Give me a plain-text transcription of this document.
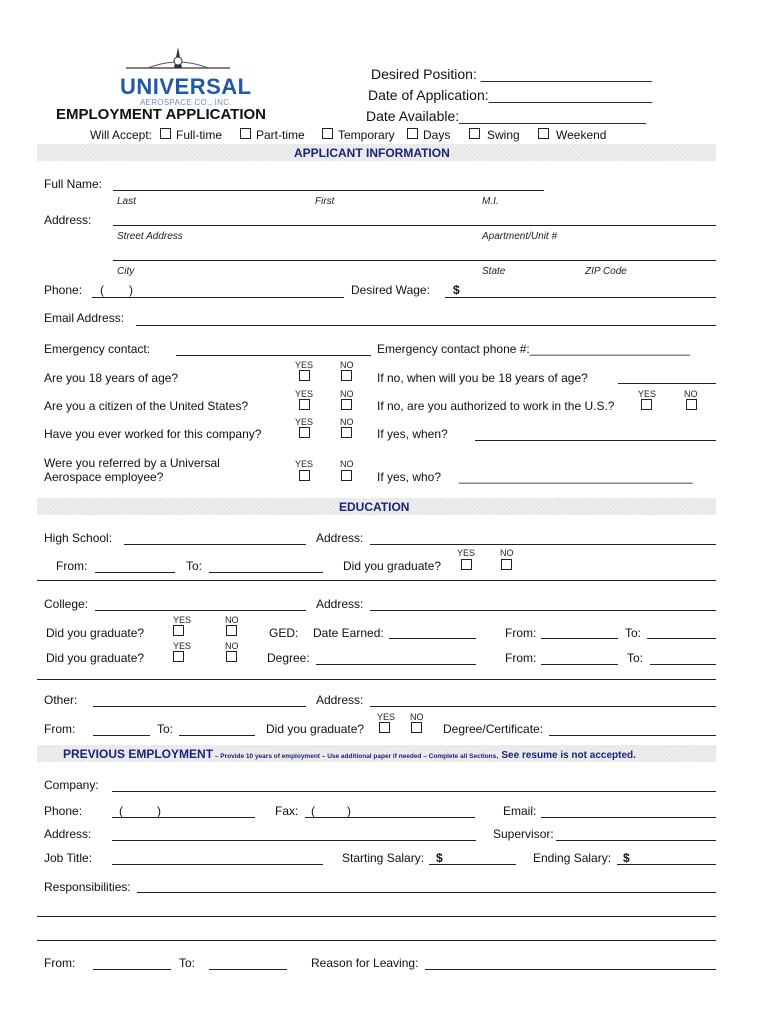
UNIVERSAL
AEROSPACE CO., INC.
EMPLOYMENT APPLICATION
Desired Position: ______________________
Date of Application:_____________________
Date Available:________________________
Will Accept: Full-time	Part-time	Temporary Days	Swing	Weekend
APPLICANT INFORMATION
Full Name:
Last	First	M.I.
Address:
Street Address	Apartment/Unit #
City	State	ZIP Code
Phone: ( )	Desired Wage: $
Email Address:
Emergency contact:	Emergency contact phone #:________________________
YES	NO
Are you 18 years of age?	If no, when will you be 18 years of age?
YES	NO	YES	NO
Are you a citizen of the United States?	If no, are you authorized to work in the U.S.?
YES	NO
Have you ever worked for this company?	If yes, when?
Were you referred by a Universal
Aerospace employee?
YES	NO
If yes, who? ___________________________________
EDUCATION
High School:	Address:
YES	NO
From:	To:	Did you graduate?
College:	Address:
YES	NO
Did you graduate?	GED: Date Earned:	From:	To:
YES	NO
Did you graduate?	Degree:	From:	To:
Other:	Address:
YES NO
From:	To:	Did you graduate?	Degree/Certificate:
PREVIOUS EMPLOYMENT – Provide 10 years of employment – Use additional paper if needed – Complete all Sections, See resume is not accepted.
Company:
Phone:	(	)	Fax: (	)	Email:
Address:	Supervisor:
Job Title:	Starting Salary: $	Ending Salary: $
Responsibilities:
From:	To:	Reason for Leaving:
